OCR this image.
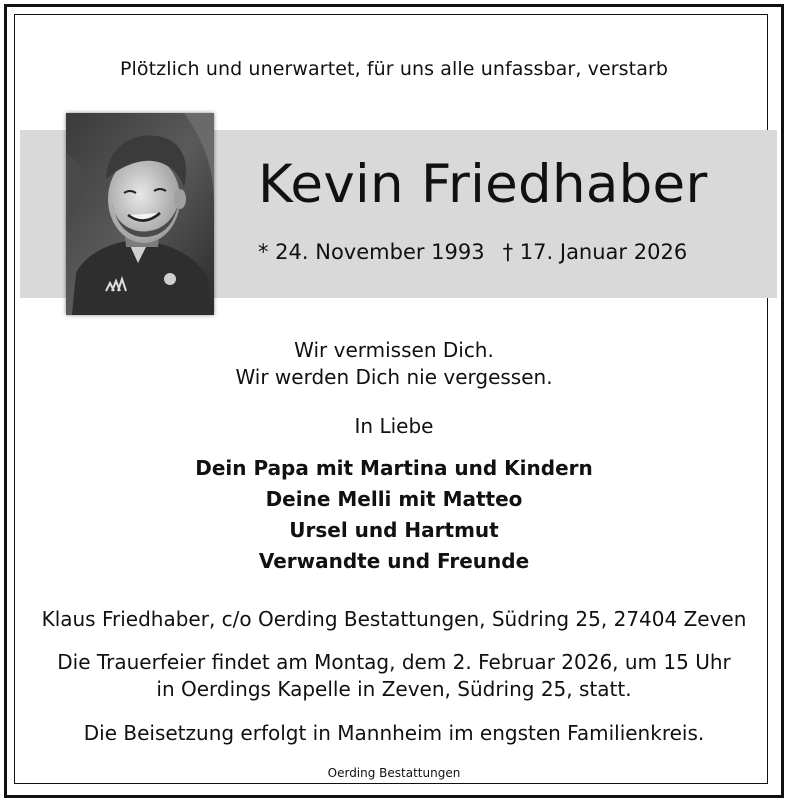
Plötzlich und unerwartet, für uns alle unfassbar, verstarb
Kevin Friedhaber
* 24. November 1993 † 17. Januar 2026
Wir vermissen Dich.
Wir werden Dich nie vergessen.
In Liebe
Dein Papa mit Martina und Kindern
Deine Melli mit Matteo
Ursel und Hartmut
Verwandte und Freunde
Klaus Friedhaber, c/o Oerding Bestattungen, Südring 25, 27404 Zeven
Die Trauerfeier findet am Montag, dem 2. Februar 2026, um 15 Uhr
in Oerdings Kapelle in Zeven, Südring 25, statt.
Die Beisetzung erfolgt in Mannheim im engsten Familienkreis.
Oerding Bestattungen
